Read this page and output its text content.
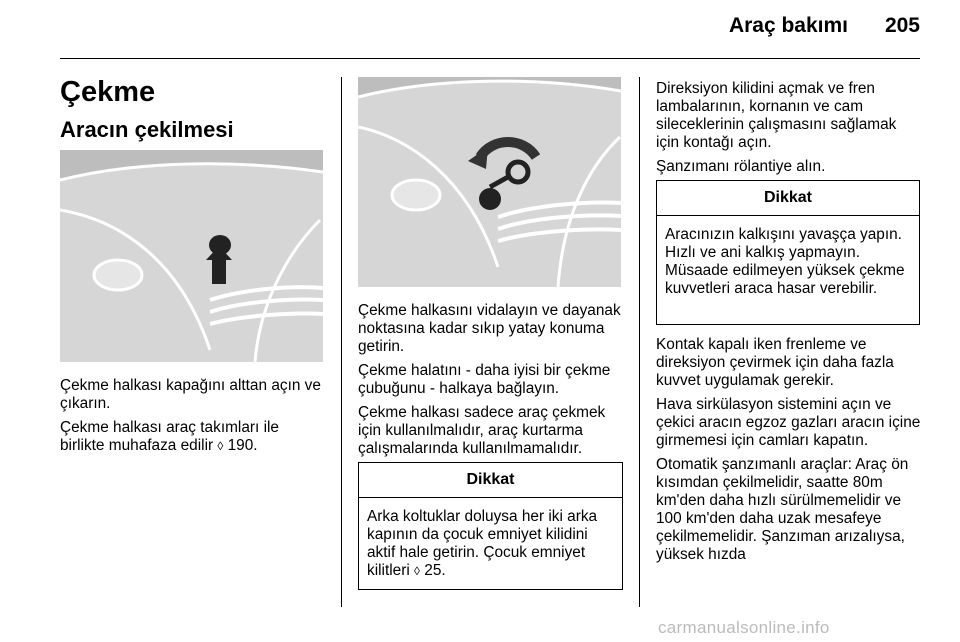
Araç bakımı 205
Çekme
Aracın çekilmesi

Çekme halkası kapağını alttan açın ve çıkarın.

Çekme halkası araç takımları ile birlikte muhafaza edilir ◊ 190.

Çekme halkasını vidalayın ve dayanak noktasına kadar sıkıp yatay konuma getirin.

Çekme halatını - daha iyisi bir çekme çubuğunu - halkaya bağlayın.

Çekme halkası sadece araç çekmek için kullanılmalıdır, araç kurtarma çalışmalarında kullanılmamalıdır.

Dikkat
Arka koltuklar doluysa her iki arka kapının da çocuk emniyet kilidini aktif hale getirin. Çocuk emniyet kilitleri ◊ 25.

Direksiyon kilidini açmak ve fren lambalarının, kornanın ve cam sileceklerinin çalışmasını sağlamak için kontağı açın.

Şanzımanı rölantiye alın.

Dikkat
Aracınızın kalkışını yavaşça yapın. Hızlı ve ani kalkış yapmayın. Müsaade edilmeyen yüksek çekme kuvvetleri araca hasar verebilir.

Kontak kapalı iken frenleme ve direksiyon çevirmek için daha fazla kuvvet uygulamak gerekir.

Hava sirkülasyon sistemini açın ve çekici aracın egzoz gazları aracın içine girmemesi için camları kapatın.

Otomatik şanzımanlı araçlar: Araç ön kısımdan çekilmelidir, saatte 80m km'den daha hızlı sürülmemelidir ve 100 km'den daha uzak mesafeye çekilmemelidir. Şanzıman arızalıysa, yüksek hızda

carmanualsonline.info
